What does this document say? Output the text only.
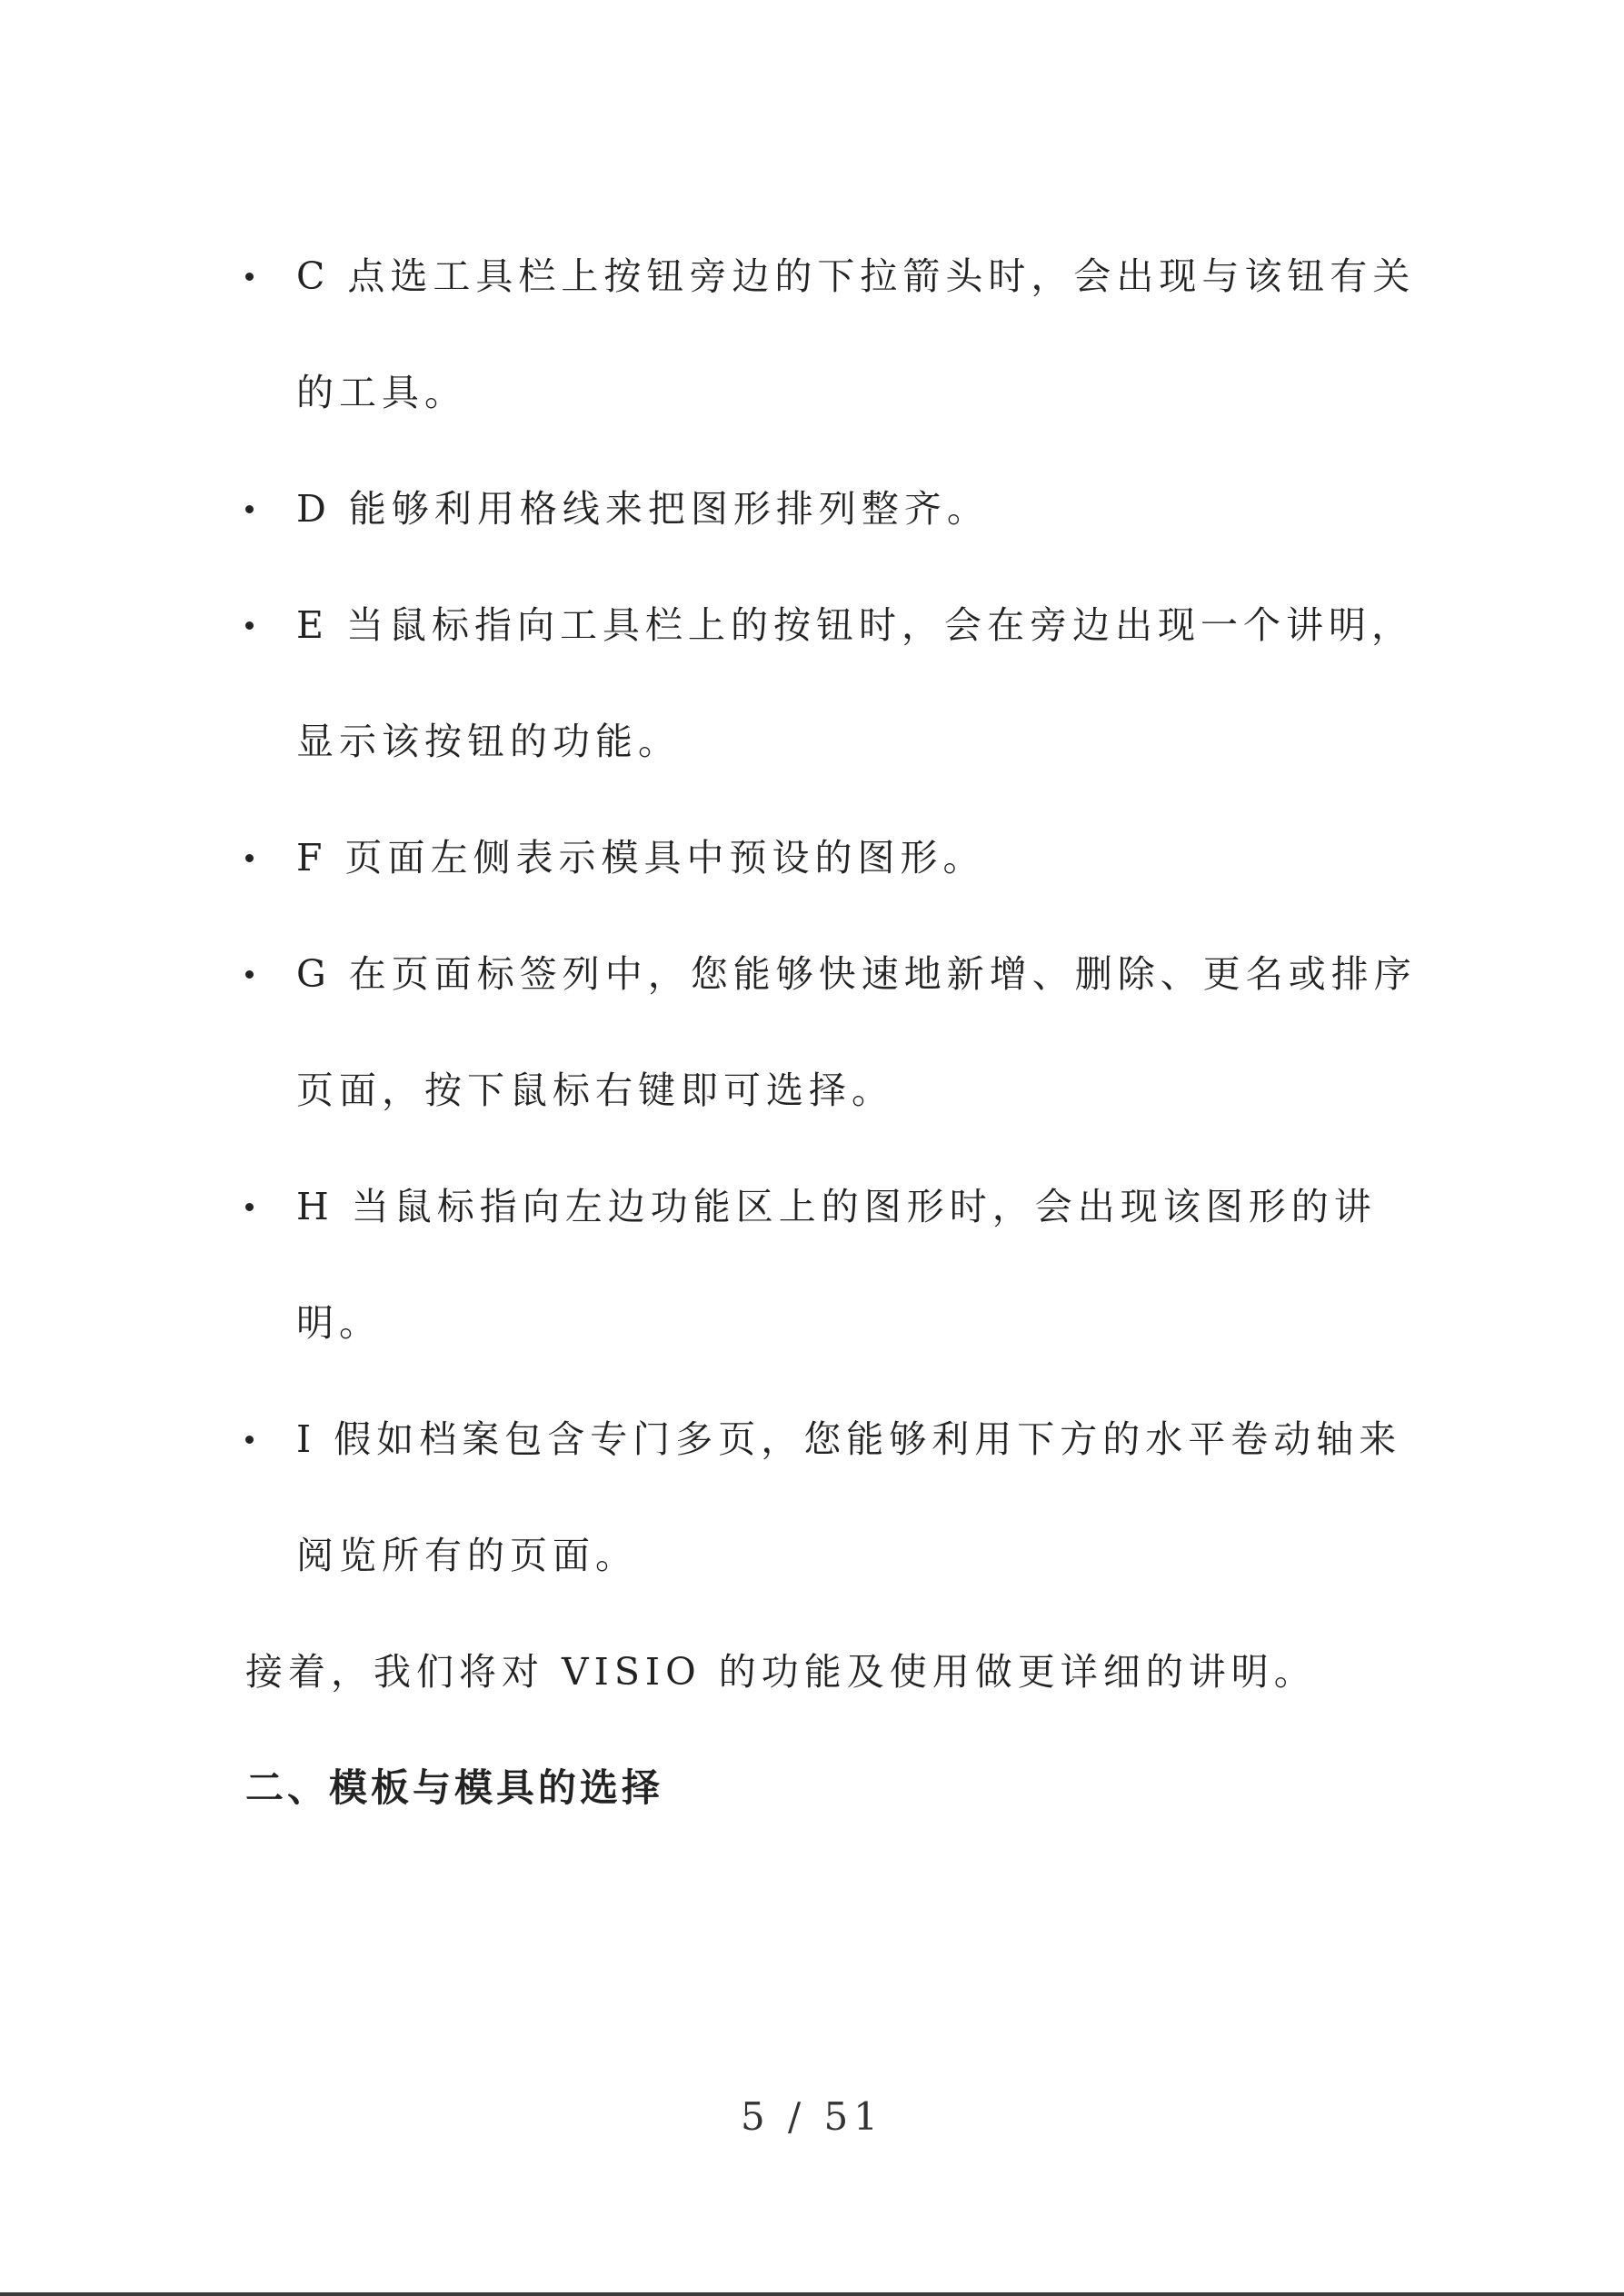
C 点选工具栏上按钮旁边的下拉箭头时，会出现与该钮有关的工具。
D 能够利用格线来把图形排列整齐。
E 当鼠标指向工具栏上的按钮时，会在旁边出现一个讲明，显示该按钮的功能。
F 页面左侧表示模具中预设的图形。
G 在页面标签列中，您能够快速地新增、删除、更名或排序页面，按下鼠标右键即可选择。
H 当鼠标指向左边功能区上的图形时，会出现该图形的讲明。
I 假如档案包含专门多页，您能够利用下方的水平卷动轴来阅览所有的页面。

接着，我们将对 VISIO 的功能及使用做更详细的讲明。

二、模板与模具的选择
5 / 51
